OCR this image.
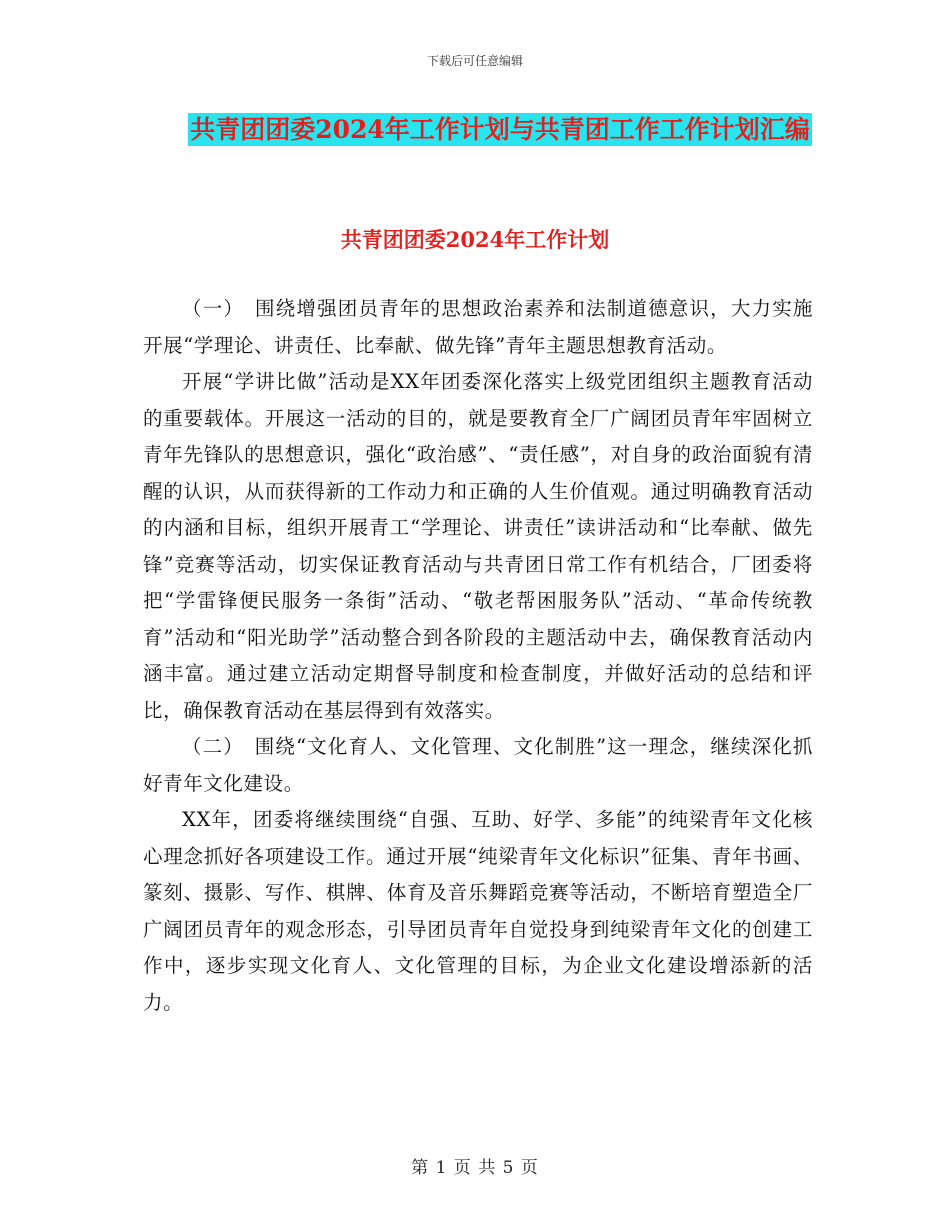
下载后可任意编辑
共青团团委2024年工作计划与共青团工作工作计划汇编
共青团团委2024年工作计划

（一）　围绕增强团员青年的思想政治素养和法制道德意识，大力实施开展“学理论、讲责任、比奉献、做先锋”青年主题思想教育活动。

开展“学讲比做”活动是XX年团委深化落实上级党团组织主题教育活动的重要载体。开展这一活动的目的，就是要教育全厂广阔团员青年牢固树立青年先锋队的思想意识，强化“政治感”、“责任感”，对自身的政治面貌有清醒的认识，从而获得新的工作动力和正确的人生价值观。通过明确教育活动的内涵和目标，组织开展青工“学理论、讲责任”读讲活动和“比奉献、做先锋”竞赛等活动，切实保证教育活动与共青团日常工作有机结合，厂团委将把“学雷锋便民服务一条街”活动、“敬老帮困服务队”活动、“革命传统教育”活动和“阳光助学”活动整合到各阶段的主题活动中去，确保教育活动内涵丰富。通过建立活动定期督导制度和检查制度，并做好活动的总结和评比，确保教育活动在基层得到有效落实。

（二）　围绕“文化育人、文化管理、文化制胜”这一理念，继续深化抓好青年文化建设。

XX年，团委将继续围绕“自强、互助、好学、多能”的纯梁青年文化核心理念抓好各项建设工作。通过开展“纯梁青年文化标识”征集、青年书画、篆刻、摄影、写作、棋牌、体育及音乐舞蹈竞赛等活动，不断培育塑造全厂广阔团员青年的观念形态，引导团员青年自觉投身到纯梁青年文化的创建工作中，逐步实现文化育人、文化管理的目标，为企业文化建设增添新的活力。

第 1 页 共 5 页
